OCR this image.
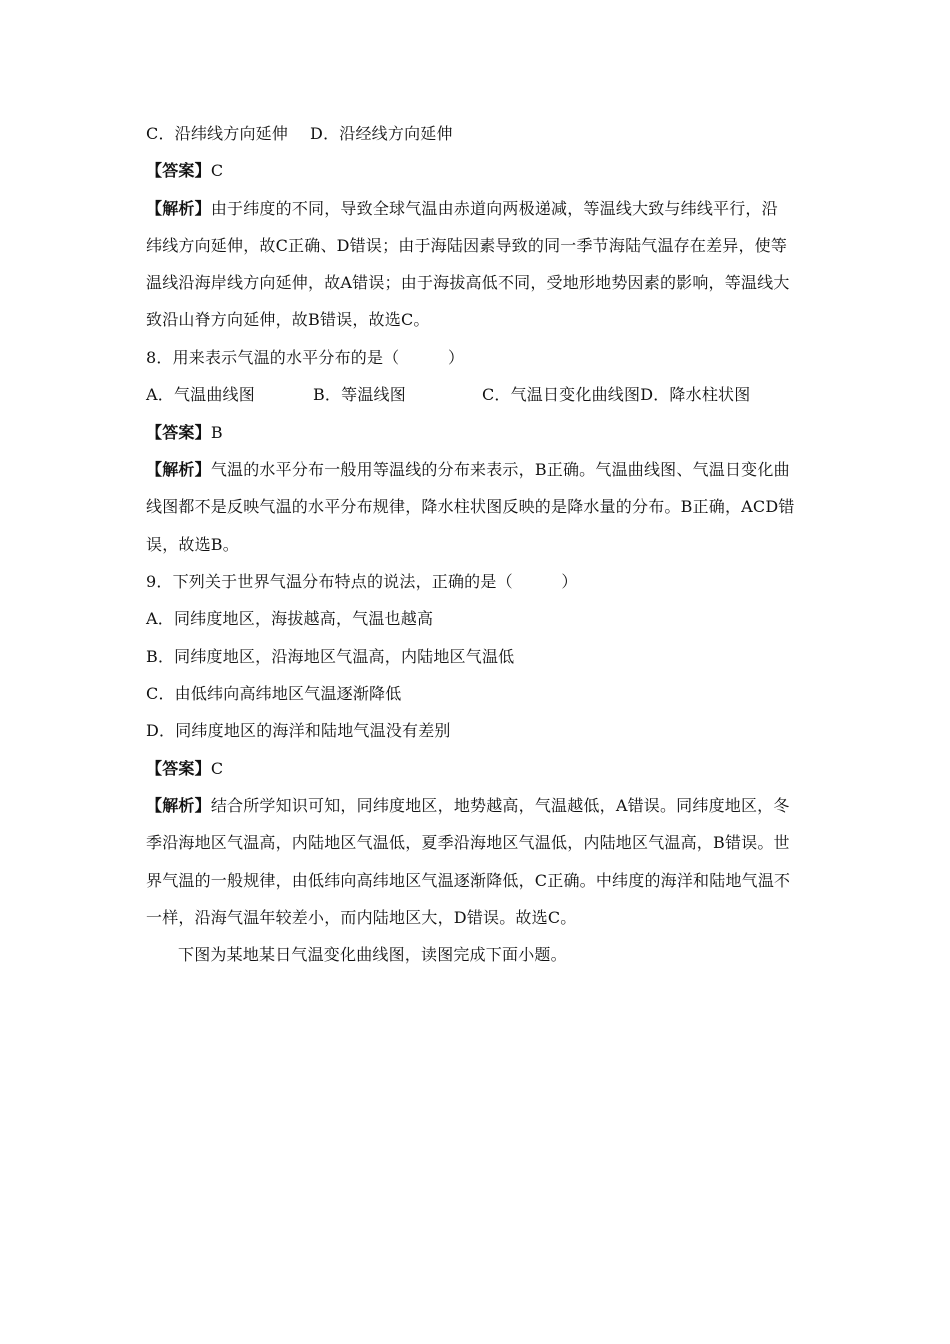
C．沿纬线方向延伸 D．沿经线方向延伸
【答案】C
【解析】由于纬度的不同，导致全球气温由赤道向两极递减，等温线大致与纬线平行，沿
纬线方向延伸，故C正确、D错误；由于海陆因素导致的同一季节海陆气温存在差异，使等
温线沿海岸线方向延伸，故A错误；由于海拔高低不同，受地形地势因素的影响，等温线大
致沿山脊方向延伸，故B错误，故选C。
8．用来表示气温的水平分布的是（　　　）
A．气温曲线图	B．等温线图	C．气温日变化曲线图D．降水柱状图
【答案】B
【解析】气温的水平分布一般用等温线的分布来表示，B正确。气温曲线图、气温日变化曲
线图都不是反映气温的水平分布规律，降水柱状图反映的是降水量的分布。B正确，ACD错
误，故选B。
9．下列关于世界气温分布特点的说法，正确的是（　　　）
A．同纬度地区，海拔越高，气温也越高
B．同纬度地区，沿海地区气温高，内陆地区气温低
C．由低纬向高纬地区气温逐渐降低
D．同纬度地区的海洋和陆地气温没有差别
【答案】C
【解析】结合所学知识可知，同纬度地区，地势越高，气温越低，A错误。同纬度地区，冬
季沿海地区气温高，内陆地区气温低，夏季沿海地区气温低，内陆地区气温高，B错误。世
界气温的一般规律，由低纬向高纬地区气温逐渐降低，C正确。中纬度的海洋和陆地气温不
一样，沿海气温年较差小，而内陆地区大，D错误。故选C。
下图为某地某日气温变化曲线图，读图完成下面小题。
